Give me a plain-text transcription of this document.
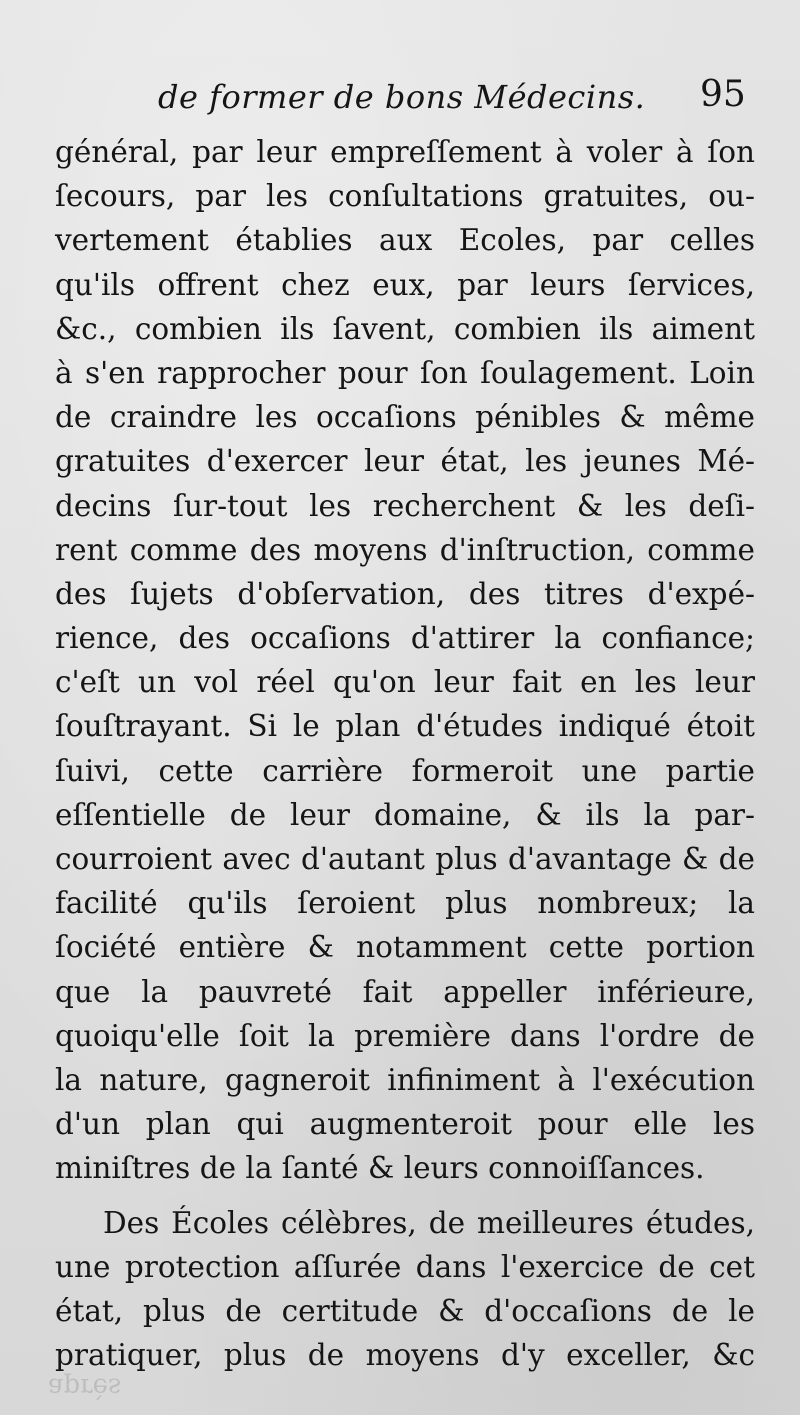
de former de bons Médecins. 95
général, par leur empreſſement à voler à ſon
ſecours, par les conſultations gratuites, ou-
vertement établies aux Ecoles, par celles
qu'ils offrent chez eux, par leurs ſervices,
&c., combien ils ſavent, combien ils aiment
à s'en rapprocher pour ſon ſoulagement. Loin
de craindre les occaſions pénibles & même
gratuites d'exercer leur état, les jeunes Mé-
decins ſur-tout les recherchent & les deſi-
rent comme des moyens d'inſtruction, comme
des ſujets d'obſervation, des titres d'expé-
rience, des occaſions d'attirer la confiance;
c'eſt un vol réel qu'on leur fait en les leur
ſouſtrayant. Si le plan d'études indiqué étoit
ſuivi, cette carrière formeroit une partie
eſſentielle de leur domaine, & ils la par-
courroient avec d'autant plus d'avantage & de
facilité qu'ils ſeroient plus nombreux; la
ſociété entière & notamment cette portion
que la pauvreté fait appeller inférieure,
quoiqu'elle ſoit la première dans l'ordre de
la nature, gagneroit infiniment à l'exécution
d'un plan qui augmenteroit pour elle les
miniſtres de la ſanté & leurs connoiſſances.
Des Écoles célèbres, de meilleures études,
une protection aſſurée dans l'exercice de cet
état, plus de certitude & d'occaſions de le
pratiquer, plus de moyens d'y exceller, &c
après
